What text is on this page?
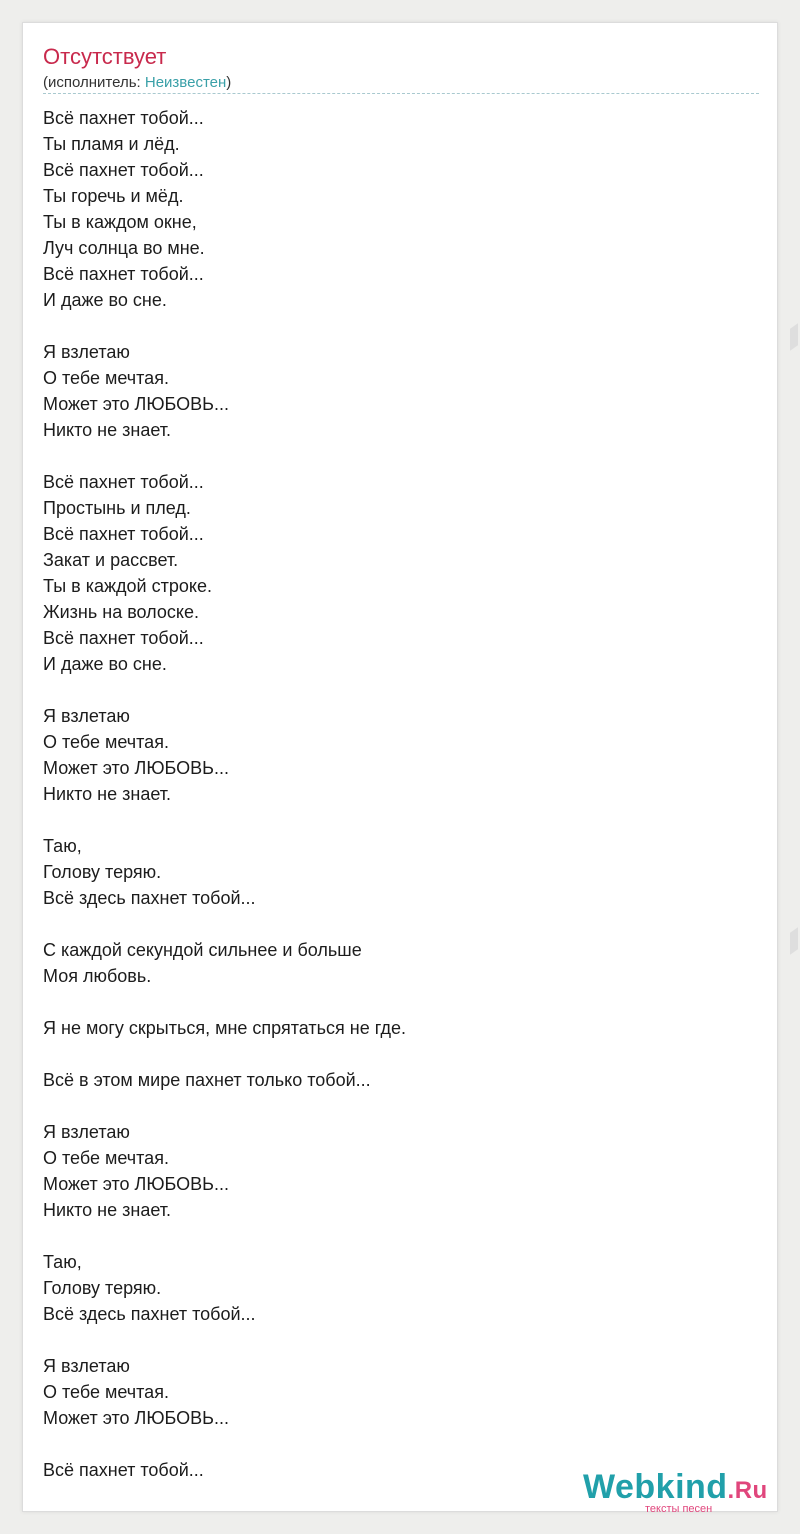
Отсутствует
(исполнитель: Неизвестен)
Всё пахнет тобой...
Ты пламя и лёд.
Всё пахнет тобой...
Ты горечь и мёд.
Ты в каждом окне,
Луч солнца во мне.
Всё пахнет тобой...
И даже во сне.
Я взлетаю
О тебе мечтая.
Может это ЛЮБОВЬ...
Никто не знает.
Всё пахнет тобой...
Простынь и плед.
Всё пахнет тобой...
Закат и рассвет.
Ты в каждой строке.
Жизнь на волоске.
Всё пахнет тобой...
И даже во сне.
Я взлетаю
О тебе мечтая.
Может это ЛЮБОВЬ...
Никто не знает.
Таю,
Голову теряю.
Всё здесь пахнет тобой...
С каждой секундой сильнее и больше
Моя любовь.
Я не могу скрыться, мне спрятаться не где.
Всё в этом мире пахнет только тобой...
Я взлетаю
О тебе мечтая.
Может это ЛЮБОВЬ...
Никто не знает.
Таю,
Голову теряю.
Всё здесь пахнет тобой...
Я взлетаю
О тебе мечтая.
Может это ЛЮБОВЬ...
Всё пахнет тобой...	Webkind.Ru
тексты песен
